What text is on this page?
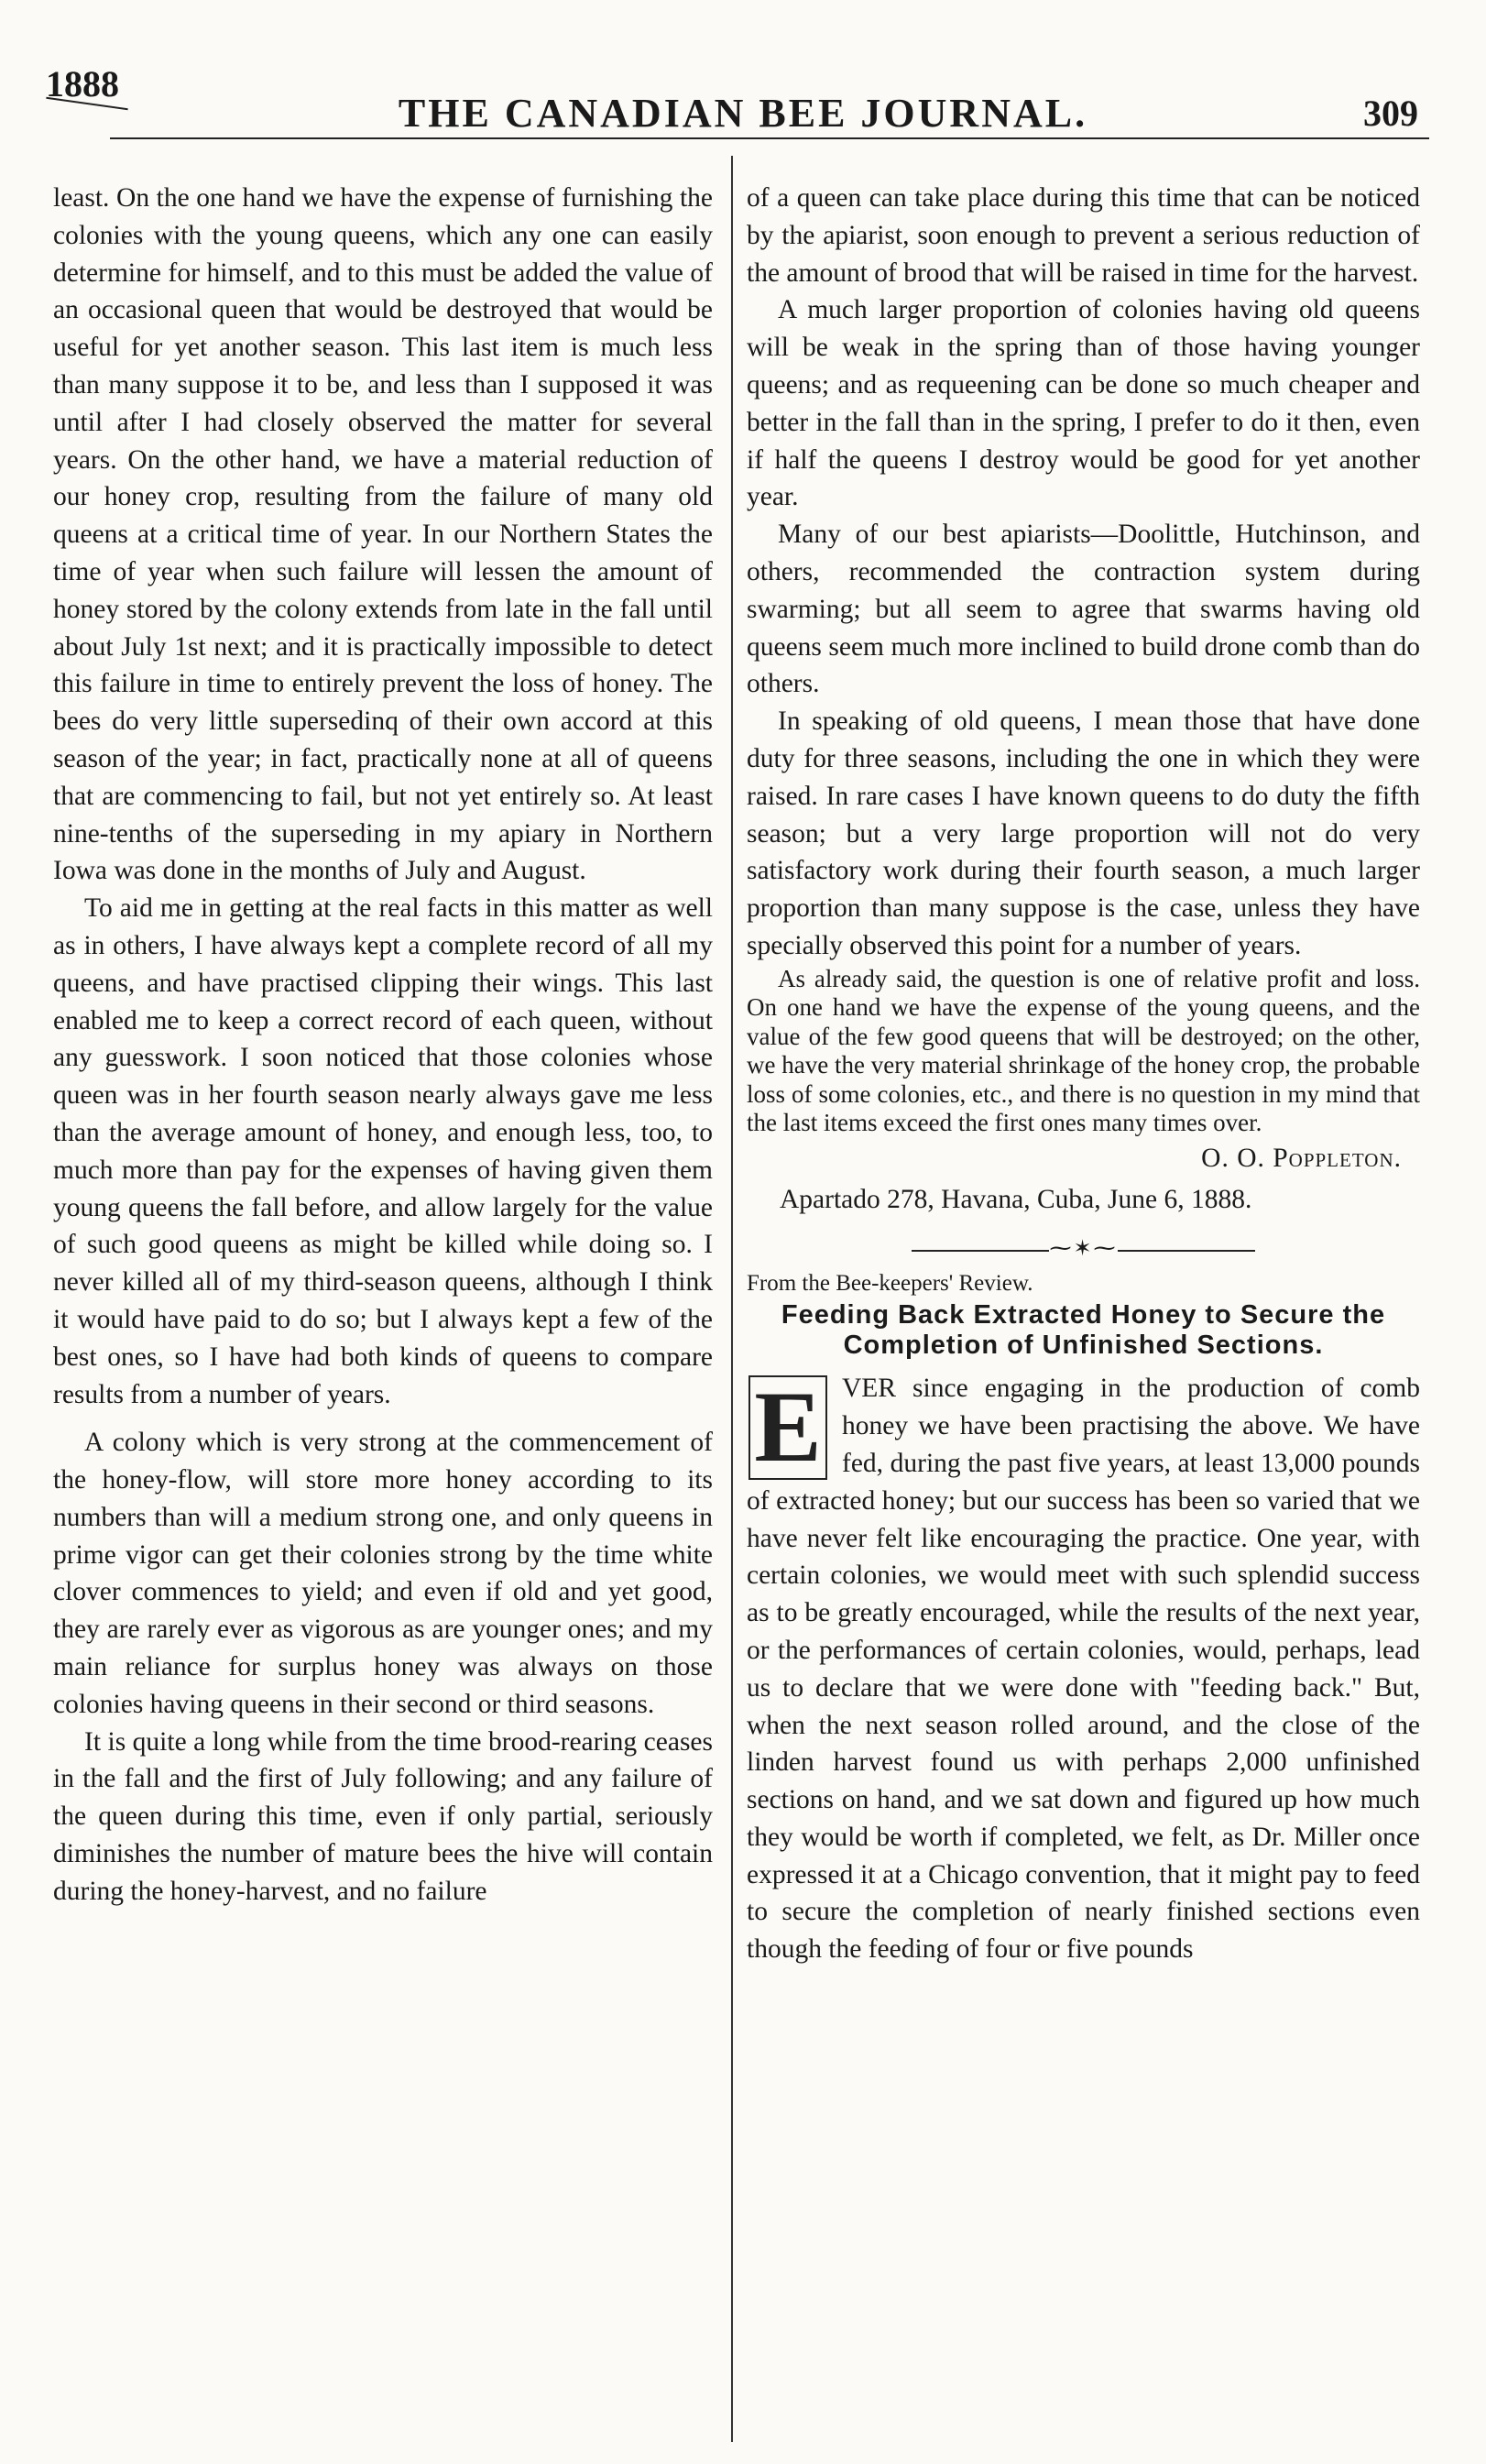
1888
THE CANADIAN BEE JOURNAL.	309

least. On the one hand we have the expense of furnishing the colonies with the young queens, which any one can easily determine for himself, and to this must be added the value of an occasional queen that would be destroyed that would be useful for yet another season. This last item is much less than many suppose it to be, and less than I supposed it was until after I had closely observed the matter for several years. On the other hand, we have a material reduction of our honey crop, resulting from the failure of many old queens at a critical time of year. In our Northern States the time of year when such failure will lessen the amount of honey stored by the colony extends from late in the fall until about July 1st next; and it is practically impossible to detect this failure in time to entirely prevent the loss of honey. The bees do very little supersedinq of their own accord at this season of the year; in fact, practically none at all of queens that are commencing to fail, but not yet entirely so. At least nine-tenths of the superseding in my apiary in Northern Iowa was done in the months of July and August.

To aid me in getting at the real facts in this matter as well as in others, I have always kept a complete record of all my queens, and have practised clipping their wings. This last enabled me to keep a correct record of each queen, without any guesswork. I soon noticed that those colonies whose queen was in her fourth season nearly always gave me less than the average amount of honey, and enough less, too, to much more than pay for the expenses of having given them young queens the fall before, and allow largely for the value of such good queens as might be killed while doing so. I never killed all of my third-season queens, although I think it would have paid to do so; but I always kept a few of the best ones, so I have had both kinds of queens to compare results from a number of years.

A colony which is very strong at the commencement of the honey-flow, will store more honey according to its numbers than will a medium strong one, and only queens in prime vigor can get their colonies strong by the time white clover commences to yield; and even if old and yet good, they are rarely ever as vigorous as are younger ones; and my main reliance for surplus honey was always on those colonies having queens in their second or third seasons.

It is quite a long while from the time brood-rearing ceases in the fall and the first of July following; and any failure of the queen during this time, even if only partial, seriously diminishes the number of mature bees the hive will contain during the honey-harvest, and no failure

of a queen can take place during this time that can be noticed by the apiarist, soon enough to prevent a serious reduction of the amount of brood that will be raised in time for the harvest.

A much larger proportion of colonies having old queens will be weak in the spring than of those having younger queens; and as requeening can be done so much cheaper and better in the fall than in the spring, I prefer to do it then, even if half the queens I destroy would be good for yet another year.

Many of our best apiarists—Doolittle, Hutchinson, and others, recommended the contraction system during swarming; but all seem to agree that swarms having old queens seem much more inclined to build drone comb than do others.

In speaking of old queens, I mean those that have done duty for three seasons, including the one in which they were raised. In rare cases I have known queens to do duty the fifth season; but a very large proportion will not do very satisfactory work during their fourth season, a much larger proportion than many suppose is the case, unless they have specially observed this point for a number of years.

As already said, the question is one of relative profit and loss. On one hand we have the expense of the young queens, and the value of the few good queens that will be destroyed; on the other, we have the very material shrinkage of the honey crop, the probable loss of some colonies, etc., and there is no question in my mind that the last items exceed the first ones many times over.

O. O. Poppleton.

Apartado 278, Havana, Cuba, June 6, 1888.

⁓✶⁓

From the Bee-keepers' Review.

Feeding Back Extracted Honey to Secure the Completion of Unfinished Sections.

E VER since engaging in the production of comb honey we have been practising the above. We have fed, during the past five years, at least 13,000 pounds of extracted honey; but our success has been so varied that we have never felt like encouraging the practice. One year, with certain colonies, we would meet with such splendid success as to be greatly encouraged, while the results of the next year, or the performances of certain colonies, would, perhaps, lead us to declare that we were done with "feeding back." But, when the next season rolled around, and the close of the linden harvest found us with perhaps 2,000 unfinished sections on hand, and we sat down and figured up how much they would be worth if completed, we felt, as Dr. Miller once expressed it at a Chicago convention, that it might pay to feed to secure the completion of nearly finished sections even though the feeding of four or five pounds
